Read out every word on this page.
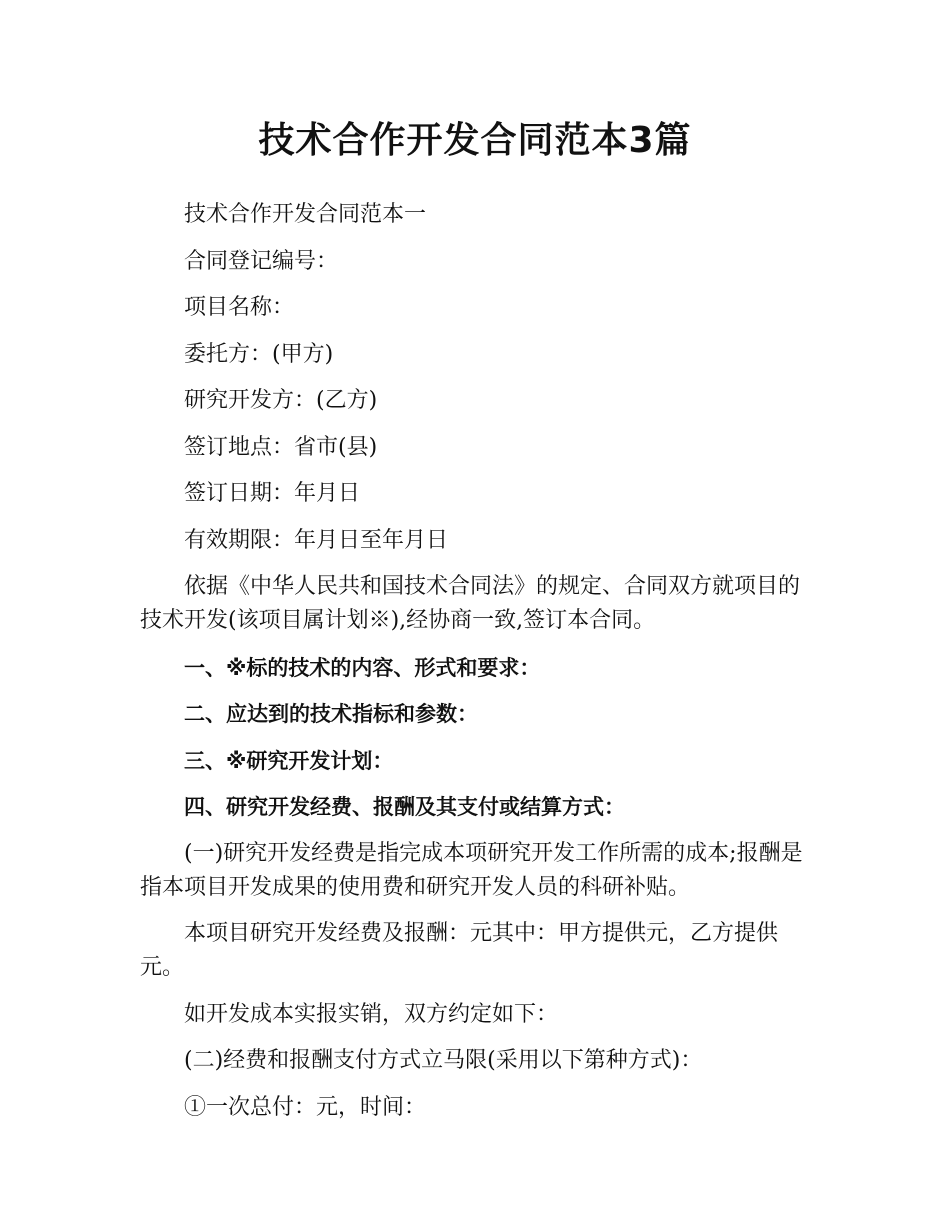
技术合作开发合同范本3篇

技术合作开发合同范本一

合同登记编号：

项目名称：

委托方：(甲方)

研究开发方：(乙方)

签订地点：省市(县)

签订日期：年月日

有效期限：年月日至年月日

依据《中华人民共和国技术合同法》的规定、合同双方就项目的技术开发(该项目属计划※),经协商一致,签订本合同。

一、※标的技术的内容、形式和要求：

二、应达到的技术指标和参数：

三、※研究开发计划：

四、研究开发经费、报酬及其支付或结算方式：

(一)研究开发经费是指完成本项研究开发工作所需的成本;报酬是指本项目开发成果的使用费和研究开发人员的科研补贴。

本项目研究开发经费及报酬：元其中：甲方提供元，乙方提供元。

如开发成本实报实销，双方约定如下：

(二)经费和报酬支付方式立马限(采用以下第种方式)：

①一次总付：元，时间：
